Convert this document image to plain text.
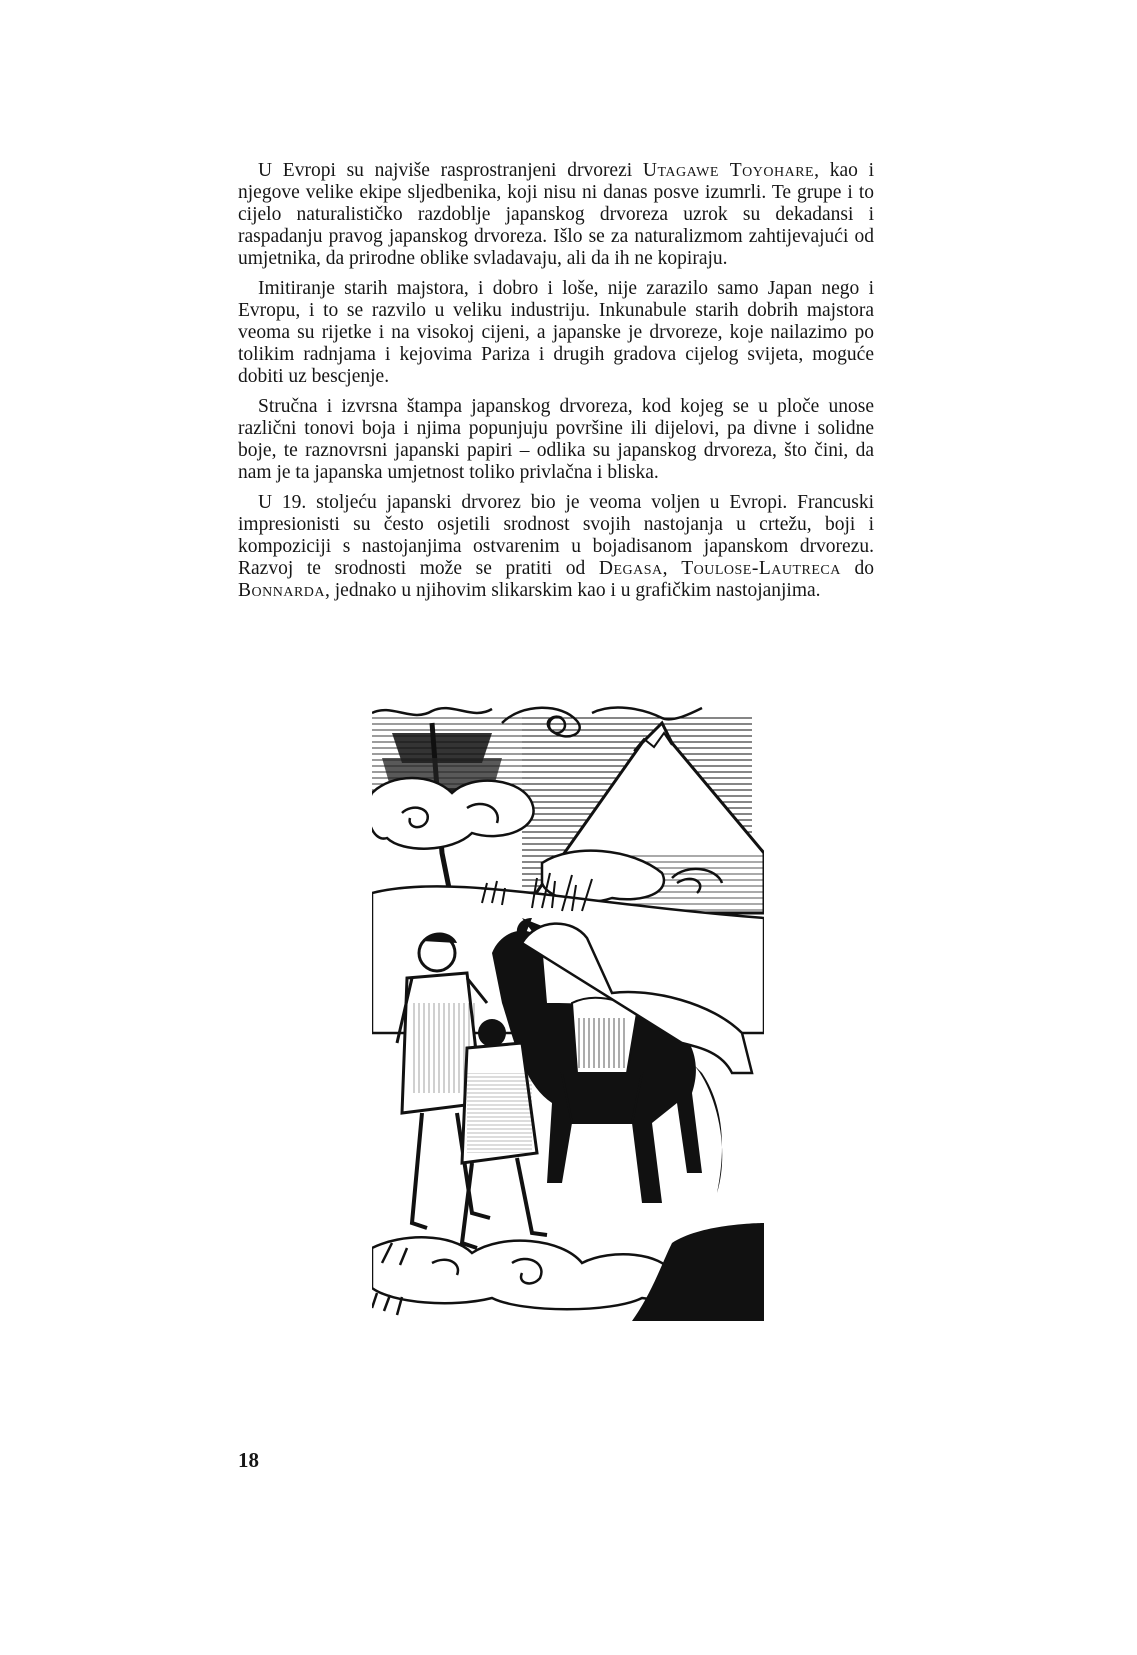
U Evropi su najviše rasprostranjeni drvorezi Utagawe Toyohare, kao i njegove velike ekipe sljedbenika, koji nisu ni danas posve izumrli. Te grupe i to cijelo naturalističko razdoblje japanskog drvoreza uzrok su dekadansi i raspadanju pravog japanskog drvoreza. Išlo se za naturalizmom zahtijevajući od umjetnika, da prirodne oblike svladavaju, ali da ih ne kopiraju.

Imitiranje starih majstora, i dobro i loše, nije zarazilo samo Japan nego i Evropu, i to se razvilo u veliku industriju. Inkunabule starih dobrih majstora veoma su rijetke i na visokoj cijeni, a japanske je drvoreze, koje nailazimo po tolikim radnjama i kejovima Pariza i drugih gradova cijelog svijeta, moguće dobiti uz bescjenje.

Stručna i izvrsna štampa japanskog drvoreza, kod kojeg se u ploče unose različni tonovi boja i njima popunjuju površine ili dijelovi, pa divne i solidne boje, te raznovrsni japanski papiri – odlika su japanskog drvoreza, što čini, da nam je ta japanska umjetnost toliko privlačna i bliska.

U 19. stoljeću japanski drvorez bio je veoma voljen u Evropi. Francuski impresionisti su često osjetili srodnost svojih nastojanja u crtežu, boji i kompoziciji s nastojanjima ostvarenim u bojadisanom japanskom drvorezu. Razvoj te srodnosti može se pratiti od Degasa, Toulose-Lautreca do Bonnarda, jednako u njihovim slikarskim kao i u grafičkim nastojanjima.

18
